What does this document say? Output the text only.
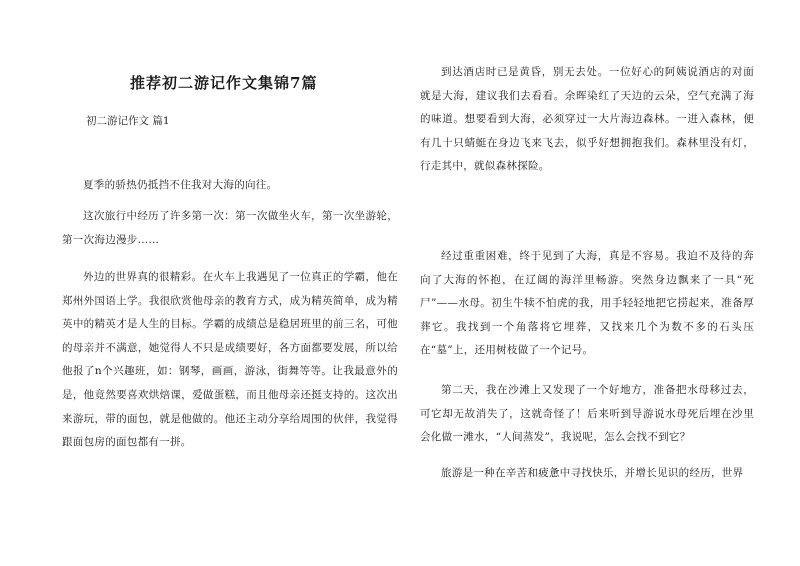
推荐初二游记作文集锦7篇
初二游记作文 篇1

夏季的骄热仍抵挡不住我对大海的向往。

这次旅行中经历了许多第一次：第一次做坐火车，第一次坐游轮，第一次海边漫步……

外边的世界真的很精彩。在火车上我遇见了一位真正的学霸，他在郑州外国语上学。我很欣赏他母亲的教育方式，成为精英简单，成为精英中的精英才是人生的目标。学霸的成绩总是稳居班里的前三名，可他的母亲并不满意，她觉得人不只是成绩要好，各方面都要发展，所以给他报了n个兴趣班，如：钢琴，画画，游泳，街舞等等。让我最意外的是，他竟然要喜欢烘焙课，爱做蛋糕，而且他母亲还挺支持的。这次出来游玩，带的面包，就是他做的。他还主动分享给周围的伙伴，我觉得跟面包房的面包都有一拼。

到达酒店时已是黄昏，别无去处。一位好心的阿姨说酒店的对面就是大海，建议我们去看看。余晖染红了天边的云朵，空气充满了海的味道。想要看到大海，必须穿过一大片海边森林。一进入森林，便有几十只蜻蜓在身边飞来飞去，似乎好想拥抱我们。森林里没有灯，行走其中，就似森林探险。

经过重重困难，终于见到了大海，真是不容易。我迫不及待的奔向了大海的怀抱，在辽阔的海洋里畅游。突然身边飘来了一具“死尸”——水母。初生牛犊不怕虎的我，用手轻轻地把它捞起来，准备厚葬它。我找到一个角落将它埋葬，又找来几个为数不多的石头压在“墓”上，还用树枝做了一个记号。

第二天，我在沙滩上又发现了一个好地方，准备把水母移过去，可它却无故消失了，这就奇怪了！后来听到导游说水母死后埋在沙里会化做一滩水，“人间蒸发”，我说呢，怎么会找不到它？

旅游是一种在辛苦和疲惫中寻找快乐，并增长见识的经历，世界
